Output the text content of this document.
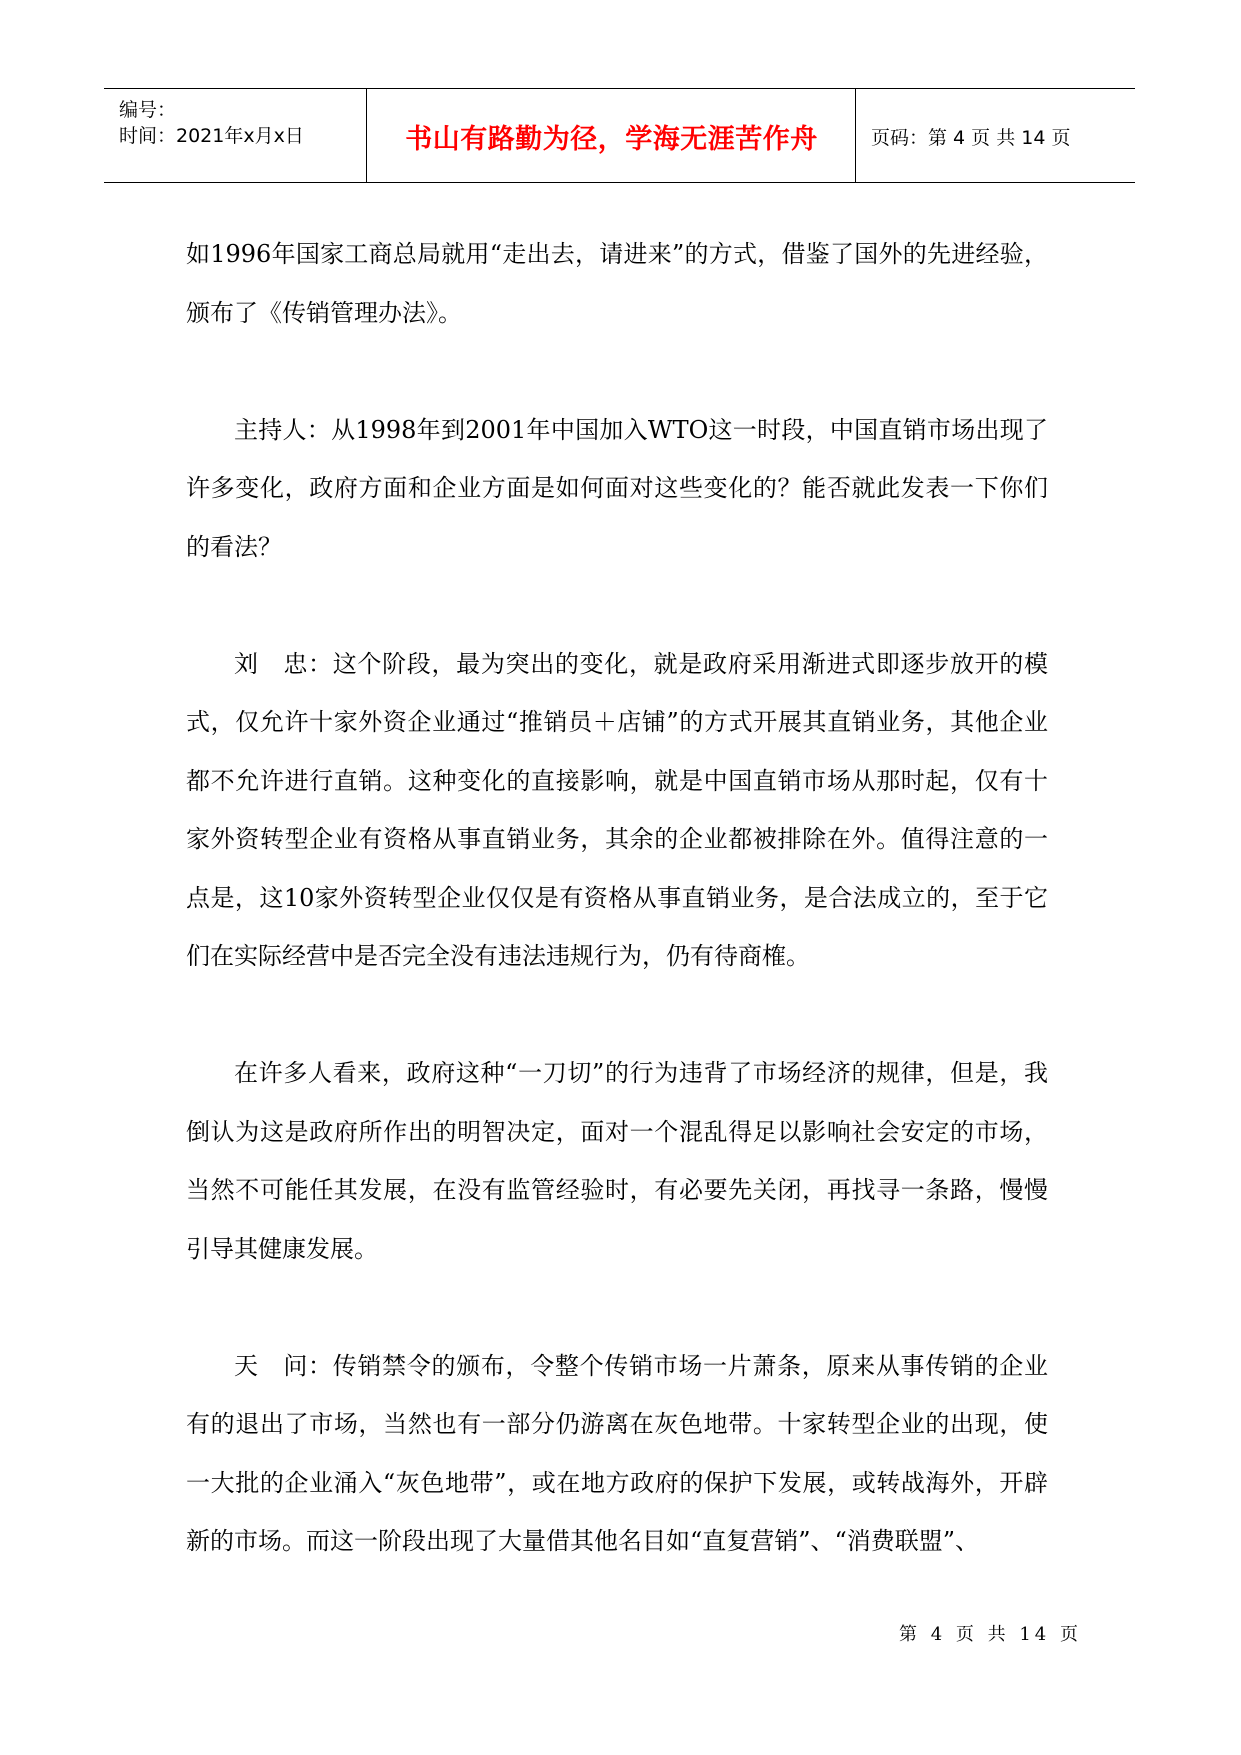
编号：
时间：2021年x月x日	书山有路勤为径，学海无涯苦作舟	页码：第 4 页 共 14 页

如1996年国家工商总局就用“走出去，请进来”的方式，借鉴了国外的先进经验，颁布了《传销管理办法》。

主持人：从1998年到2001年中国加入WTO这一时段，中国直销市场出现了许多变化，政府方面和企业方面是如何面对这些变化的？能否就此发表一下你们的看法？

刘　忠：这个阶段，最为突出的变化，就是政府采用渐进式即逐步放开的模式，仅允许十家外资企业通过“推销员＋店铺”的方式开展其直销业务，其他企业都不允许进行直销。这种变化的直接影响，就是中国直销市场从那时起，仅有十家外资转型企业有资格从事直销业务，其余的企业都被排除在外。值得注意的一点是，这10家外资转型企业仅仅是有资格从事直销业务，是合法成立的，至于它们在实际经营中是否完全没有违法违规行为，仍有待商榷。

在许多人看来，政府这种“一刀切”的行为违背了市场经济的规律，但是，我倒认为这是政府所作出的明智决定，面对一个混乱得足以影响社会安定的市场，当然不可能任其发展，在没有监管经验时，有必要先关闭，再找寻一条路，慢慢引导其健康发展。

天　问：传销禁令的颁布，令整个传销市场一片萧条，原来从事传销的企业有的退出了市场，当然也有一部分仍游离在灰色地带。十家转型企业的出现，使一大批的企业涌入“灰色地带”，或在地方政府的保护下发展，或转战海外，开辟新的市场。而这一阶段出现了大量借其他名目如“直复营销”、“消费联盟”、

第 4 页 共 14 页
